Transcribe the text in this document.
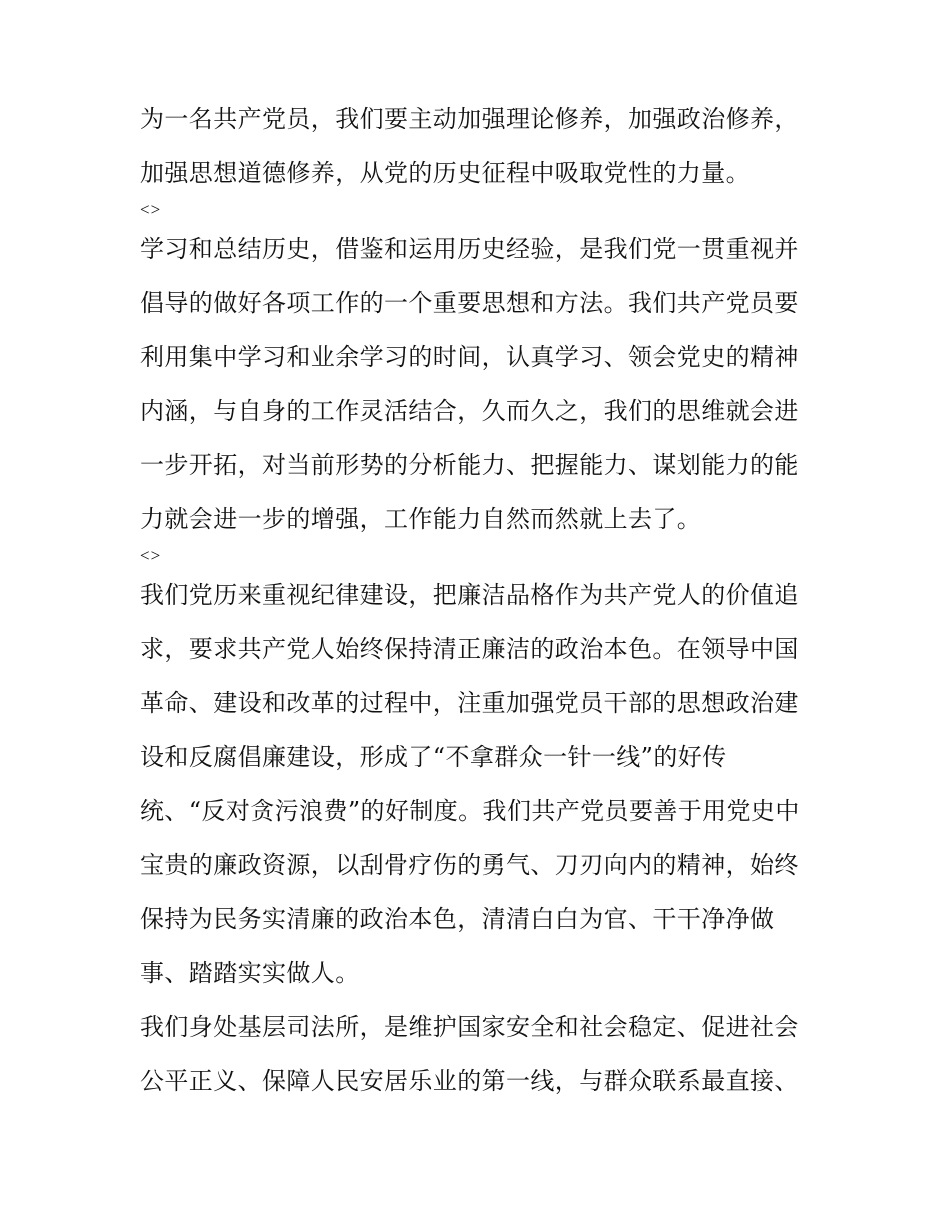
为一名共产党员，我们要主动加强理论修养，加强政治修养，
加强思想道德修养，从党的历史征程中吸取党性的力量。
<>
学习和总结历史，借鉴和运用历史经验，是我们党一贯重视并
倡导的做好各项工作的一个重要思想和方法。我们共产党员要
利用集中学习和业余学习的时间，认真学习、领会党史的精神
内涵，与自身的工作灵活结合，久而久之，我们的思维就会进
一步开拓，对当前形势的分析能力、把握能力、谋划能力的能
力就会进一步的增强，工作能力自然而然就上去了。
<>
我们党历来重视纪律建设，把廉洁品格作为共产党人的价值追
求，要求共产党人始终保持清正廉洁的政治本色。在领导中国
革命、建设和改革的过程中，注重加强党员干部的思想政治建
设和反腐倡廉建设，形成了“不拿群众一针一线”的好传
统、“反对贪污浪费”的好制度。我们共产党员要善于用党史中
宝贵的廉政资源，以刮骨疗伤的勇气、刀刃向内的精神，始终
保持为民务实清廉的政治本色，清清白白为官、干干净净做
事、踏踏实实做人。
我们身处基层司法所，是维护国家安全和社会稳定、促进社会
公平正义、保障人民安居乐业的第一线，与群众联系最直接、
